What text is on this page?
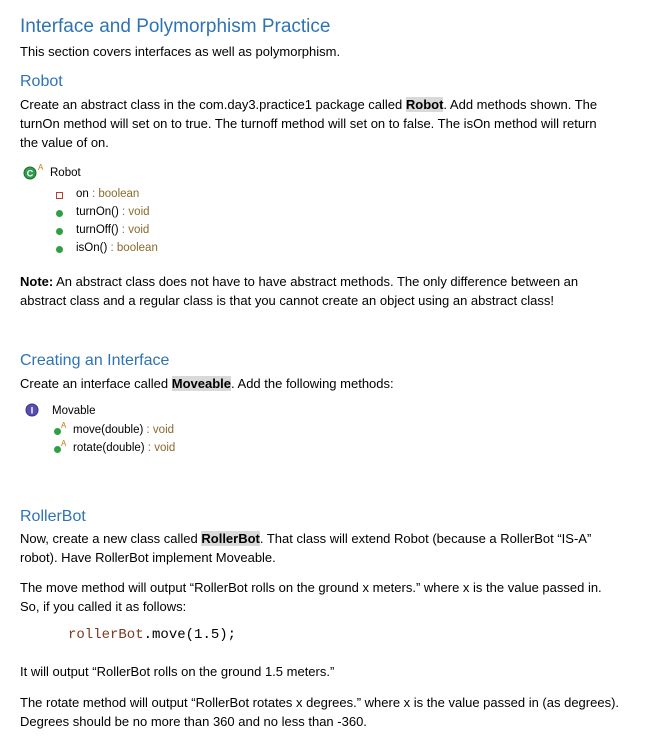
Interface and Polymorphism Practice
This section covers interfaces as well as polymorphism.
Robot
Create an abstract class in the com.day3.practice1 package called Robot. Add methods shown. The
turnOn method will set on to true. The turnoff method will set on to false. The isOn method will return
the value of on.
C
A Robot
on : boolean
turnOn() : void
turnOff() : void
isOn() : boolean
Note: An abstract class does not have to have abstract methods. The only difference between an
abstract class and a regular class is that you cannot create an object using an abstract class!
Creating an Interface
Create an interface called Moveable. Add the following methods:
I Movable
A move(double) : void
A rotate(double) : void
RollerBot
Now, create a new class called RollerBot. That class will extend Robot (because a RollerBot “IS-A”
robot). Have RollerBot implement Moveable.
The move method will output “RollerBot rolls on the ground x meters.” where x is the value passed in.
So, if you called it as follows:
rollerBot.move(1.5);
It will output “RollerBot rolls on the ground 1.5 meters.”
The rotate method will output “RollerBot rotates x degrees.” where x is the value passed in (as degrees).
Degrees should be no more than 360 and no less than -360.
